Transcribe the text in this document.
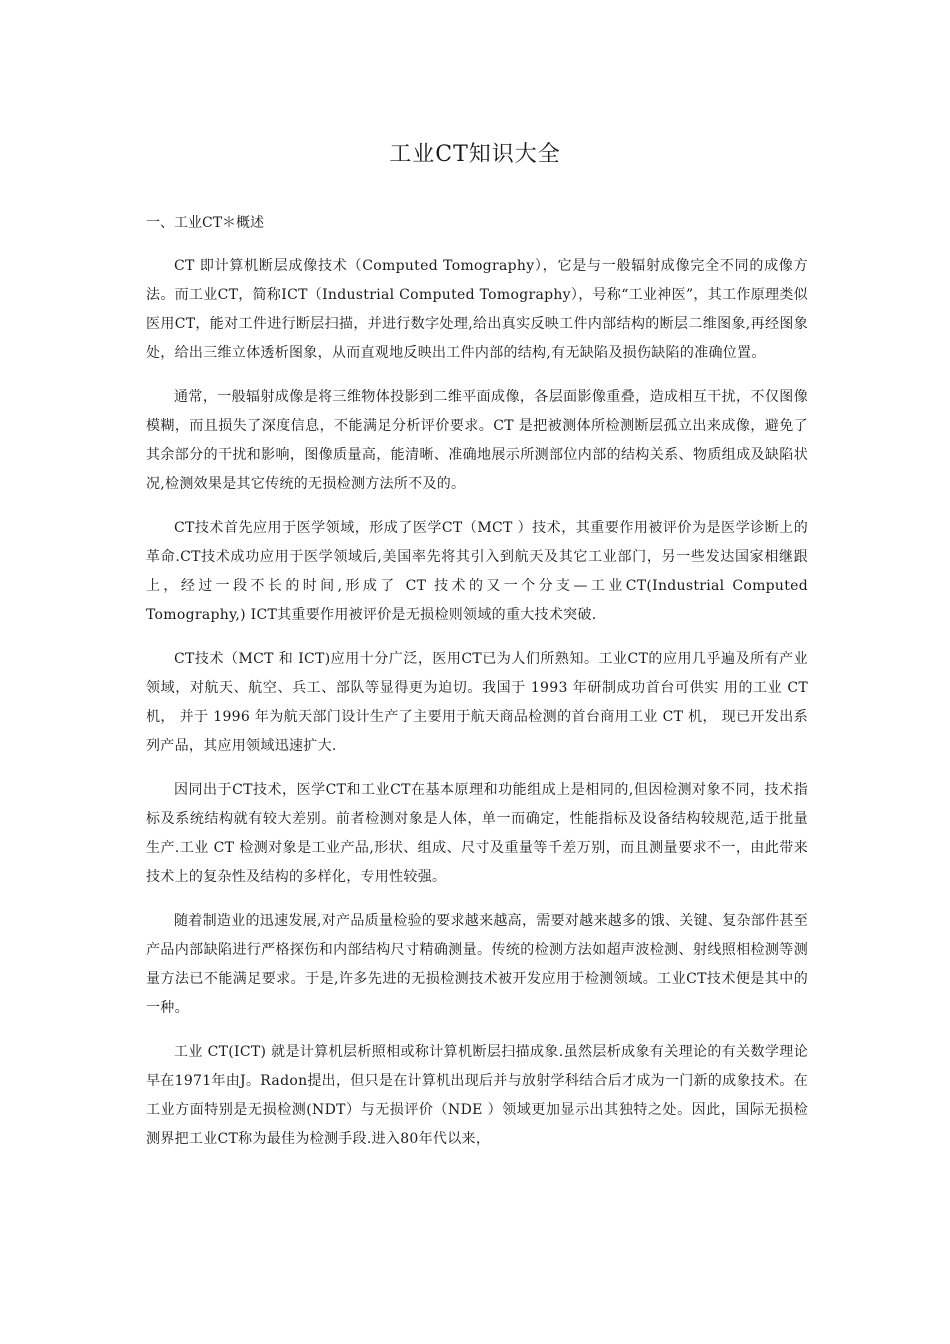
工业CT知识大全
一、工业CT＊概述

CT 即计算机断层成像技术（Computed Tomography），它是与一般辐射成像完全不同的成像方法。而工业CT，简称ICT（Industrial Computed Tomography），号称“工业神医”，其工作原理类似医用CT，能对工件进行断层扫描，并进行数字处理,给出真实反映工件内部结构的断层二维图象,再经图象处，给出三维立体透析图象，从而直观地反映出工件内部的结构,有无缺陷及损伤缺陷的准确位置。

通常，一般辐射成像是将三维物体投影到二维平面成像，各层面影像重叠，造成相互干扰，不仅图像模糊，而且损失了深度信息，不能满足分析评价要求。CT 是把被测体所检测断层孤立出来成像，避免了其余部分的干扰和影响，图像质量高，能清晰、准确地展示所测部位内部的结构关系、物质组成及缺陷状况,检测效果是其它传统的无损检测方法所不及的。

CT技术首先应用于医学领域，形成了医学CT（MCT ）技术，其重要作用被评价为是医学诊断上的革命.CT技术成功应用于医学领域后,美国率先将其引入到航天及其它工业部门，另一些发达国家相继跟上，经过一段不长的时间,形成了 CT 技术的又一个分支—工业CT(Industrial Computed Tomography,) ICT其重要作用被评价是无损检则领域的重大技术突破.

CT技术（MCT 和 ICT)应用十分广泛，医用CT已为人们所熟知。工业CT的应用几乎遍及所有产业领域，对航天、航空、兵工、部队等显得更为迫切。我国于 1993 年研制成功首台可供实 用的工业 CT 机， 并于 1996 年为航天部门设计生产了主要用于航天商品检测的首台商用工业 CT 机， 现已开发出系列产品，其应用领域迅速扩大.

因同出于CT技术，医学CT和工业CT在基本原理和功能组成上是相同的,但因检测对象不同，技术指标及系统结构就有较大差别。前者检测对象是人体，单一而确定，性能指标及设备结构较规范,适于批量生产.工业 CT 检测对象是工业产品,形状、组成、尺寸及重量等千差万别，而且测量要求不一，由此带来技术上的复杂性及结构的多样化，专用性较强。

随着制造业的迅速发展,对产品质量检验的要求越来越高，需要对越来越多的饿、关键、复杂部件甚至产品内部缺陷进行严格探伤和内部结构尺寸精确测量。传统的检测方法如超声波检测、射线照相检测等测量方法已不能满足要求。于是,许多先进的无损检测技术被开发应用于检测领域。工业CT技术便是其中的一种。

工业 CT(ICT) 就是计算机层析照相或称计算机断层扫描成象.虽然层析成象有关理论的有关数学理论早在1971年由J。Radon提出，但只是在计算机出现后并与放射学科结合后才成为一门新的成象技术。在工业方面特别是无损检测(NDT）与无损评价（NDE ）领域更加显示出其独特之处。因此，国际无损检测界把工业CT称为最佳为检测手段.进入80年代以来，
